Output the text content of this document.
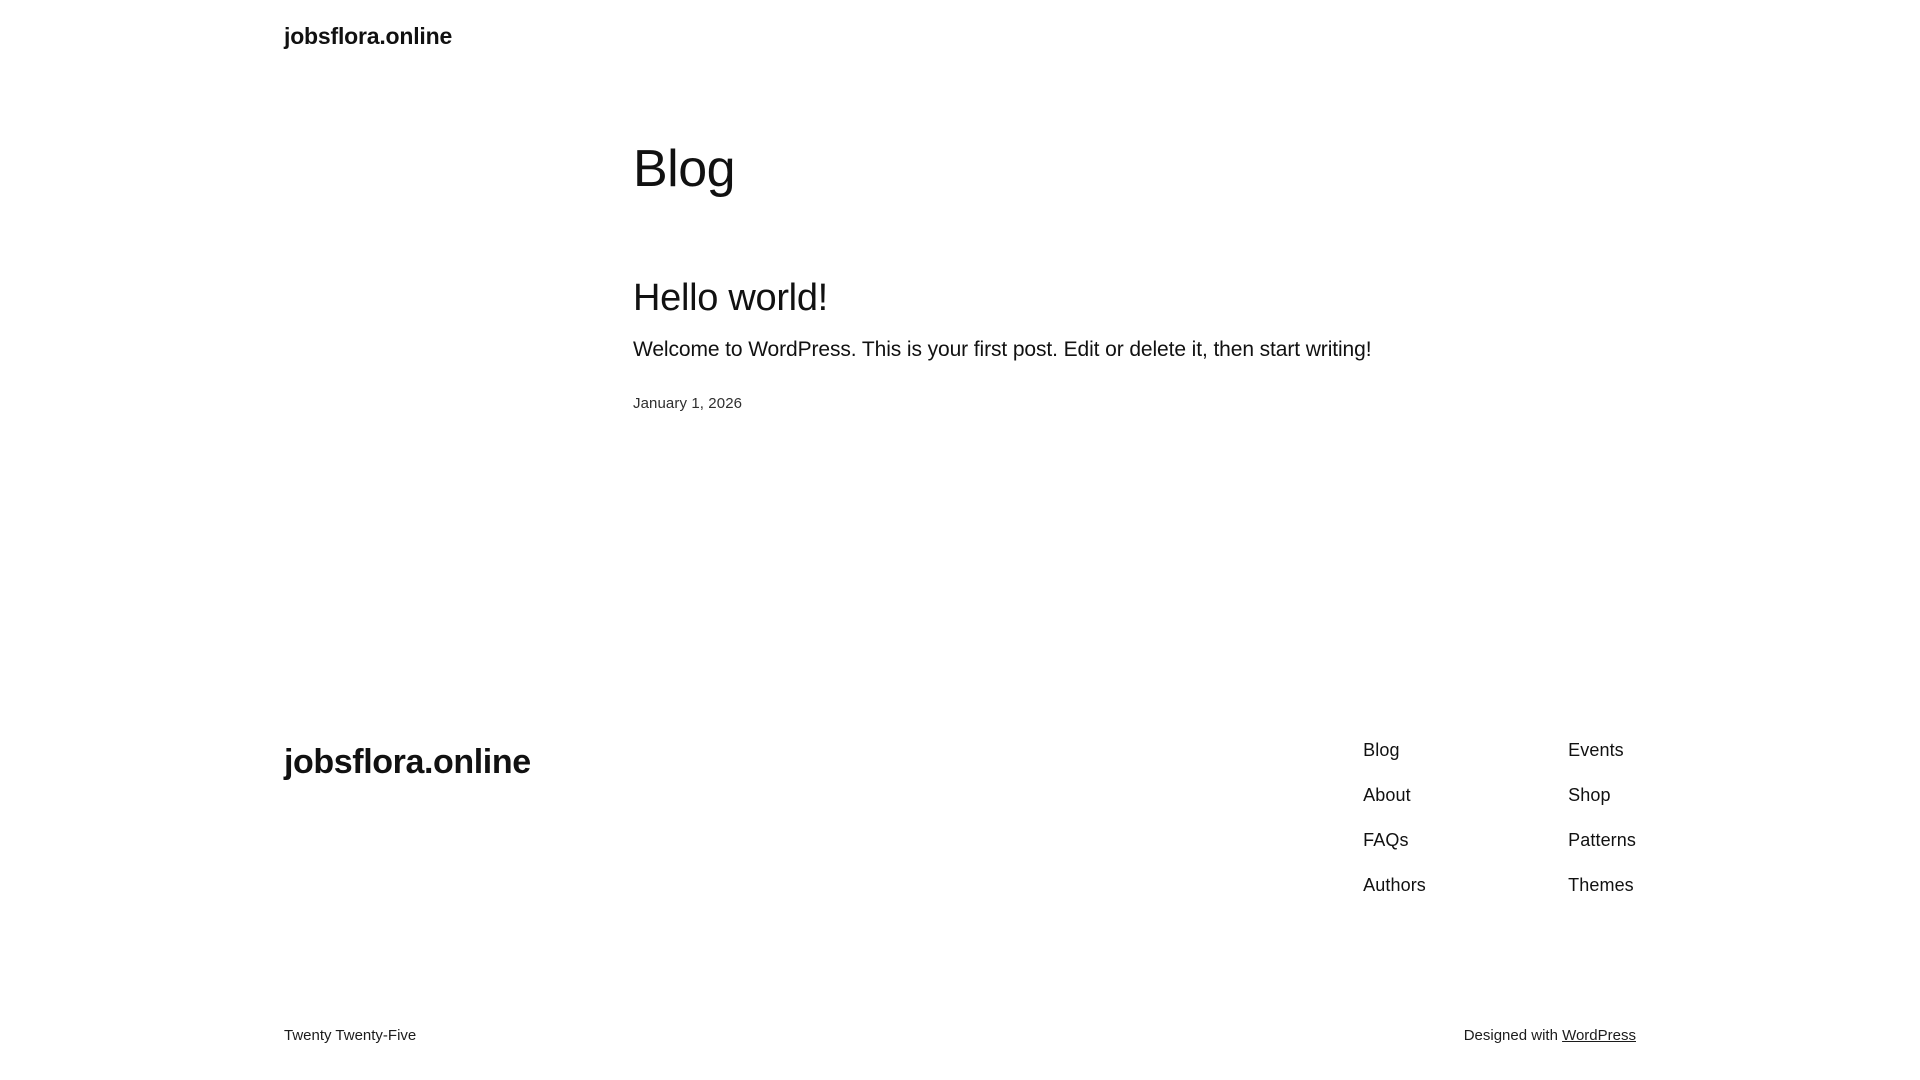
jobsflora.online
Blog
Hello world!

Welcome to WordPress. This is your first post. Edit or delete it, then start writing!

January 1, 2026
jobsflora.online	Blog
About
FAQs
Authors
Events
Shop
Patterns
Themes
Twenty Twenty-Five	Designed with WordPress
